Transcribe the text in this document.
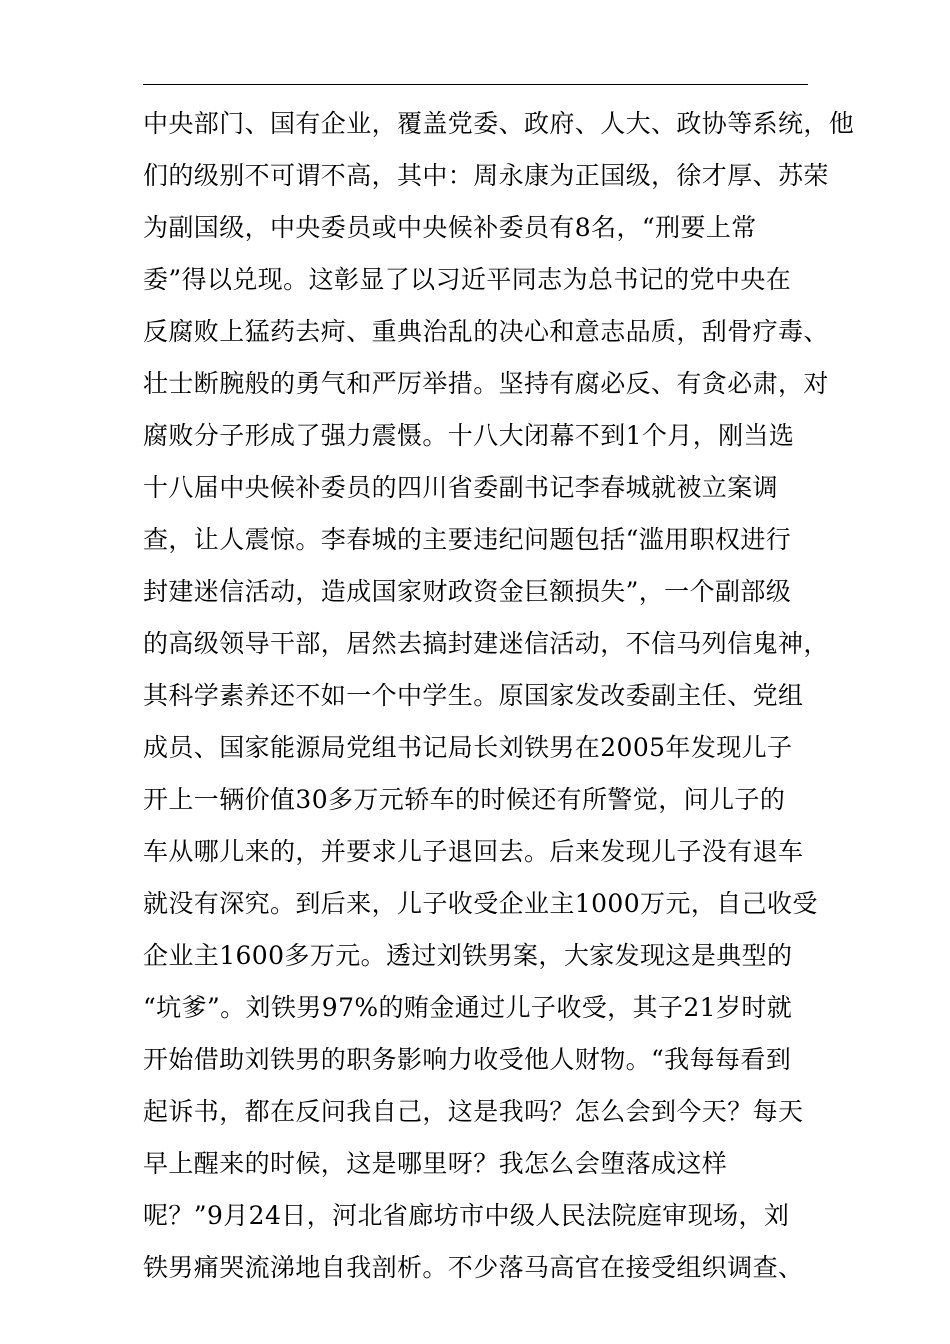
中央部门、国有企业，覆盖党委、政府、人大、政协等系统，他
们的级别不可谓不高，其中：周永康为正国级，徐才厚、苏荣
为副国级，中央委员或中央候补委员有8名，“刑要上常
委”得以兑现。这彰显了以习近平同志为总书记的党中央在
反腐败上猛药去疴、重典治乱的决心和意志品质，刮骨疗毒、
壮士断腕般的勇气和严厉举措。坚持有腐必反、有贪必肃，对
腐败分子形成了强力震慑。十八大闭幕不到1个月，刚当选
十八届中央候补委员的四川省委副书记李春城就被立案调
查，让人震惊。李春城的主要违纪问题包括“滥用职权进行
封建迷信活动，造成国家财政资金巨额损失”，一个副部级
的高级领导干部，居然去搞封建迷信活动，不信马列信鬼神，
其科学素养还不如一个中学生。原国家发改委副主任、党组
成员、国家能源局党组书记局长刘铁男在2005年发现儿子
开上一辆价值30多万元轿车的时候还有所警觉，问儿子的
车从哪儿来的，并要求儿子退回去。后来发现儿子没有退车
就没有深究。到后来，儿子收受企业主1000万元，自己收受
企业主1600多万元。透过刘铁男案，大家发现这是典型的
“坑爹”。刘铁男97%的贿金通过儿子收受，其子21岁时就
开始借助刘铁男的职务影响力收受他人财物。“我每每看到
起诉书，都在反问我自己，这是我吗？怎么会到今天？每天
早上醒来的时候，这是哪里呀？我怎么会堕落成这样
呢？”9月24日，河北省廊坊市中级人民法院庭审现场，刘
铁男痛哭流涕地自我剖析。不少落马高官在接受组织调查、
